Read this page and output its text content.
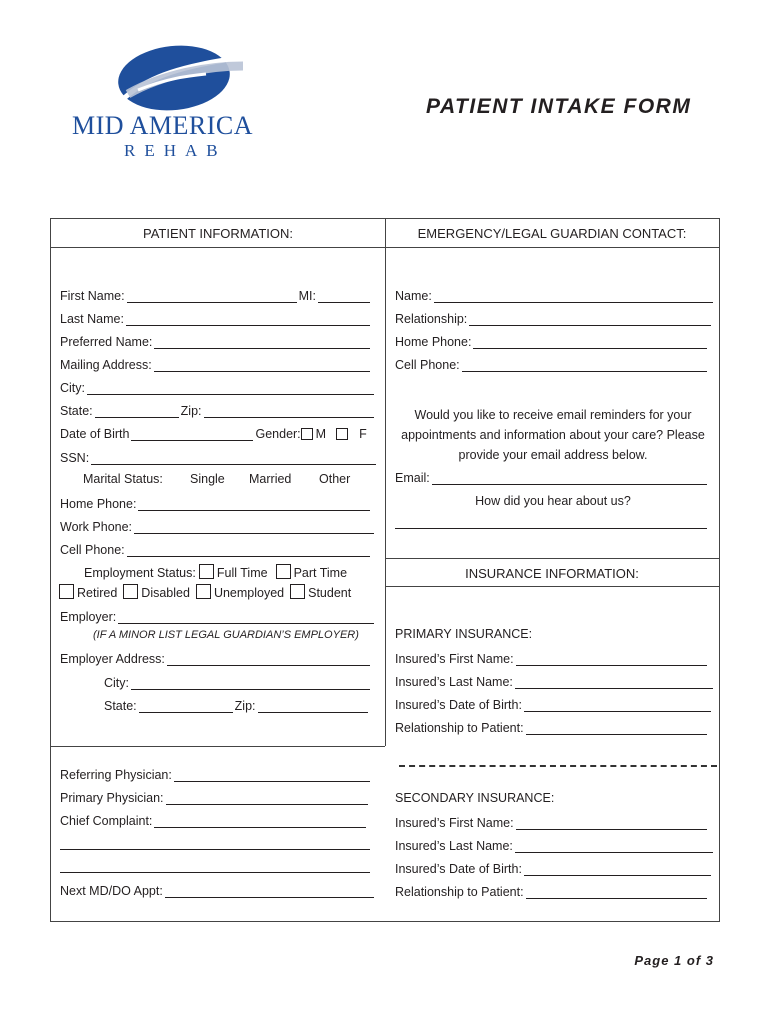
MID AMERICA
REHAB
PATIENT INTAKE FORM
PATIENT INFORMATION:	EMERGENCY/LEGAL GUARDIAN CONTACT:
INSURANCE INFORMATION:
First Name:	MI:
Last Name:
Preferred Name:
Mailing Address:
City:
State:	Zip:
Date of Birth	Gender: M	F
SSN:
Marital Status: Single Married Other
Home Phone:
Work Phone:
Cell Phone:
Employment Status: Full Time Part Time
Retired Disabled Unemployed Student
Employer:
(IF A MINOR LIST LEGAL GUARDIAN’S EMPLOYER)
Employer Address:
City:
State:	Zip:
Referring Physician:
Primary Physician:
Chief Complaint:
Next MD/DO Appt:
Name:
Relationship:
Home Phone:
Cell Phone:
Would you like to receive email reminders for your appointments and information about your care? Please provide your email address below.
Email:
How did you hear about us?
PRIMARY INSURANCE:
Insured’s First Name:
Insured’s Last Name:
Insured’s Date of Birth:
Relationship to Patient:
SECONDARY INSURANCE:
Insured’s First Name:
Insured’s Last Name:
Insured’s Date of Birth:
Relationship to Patient:
Page 1 of 3
